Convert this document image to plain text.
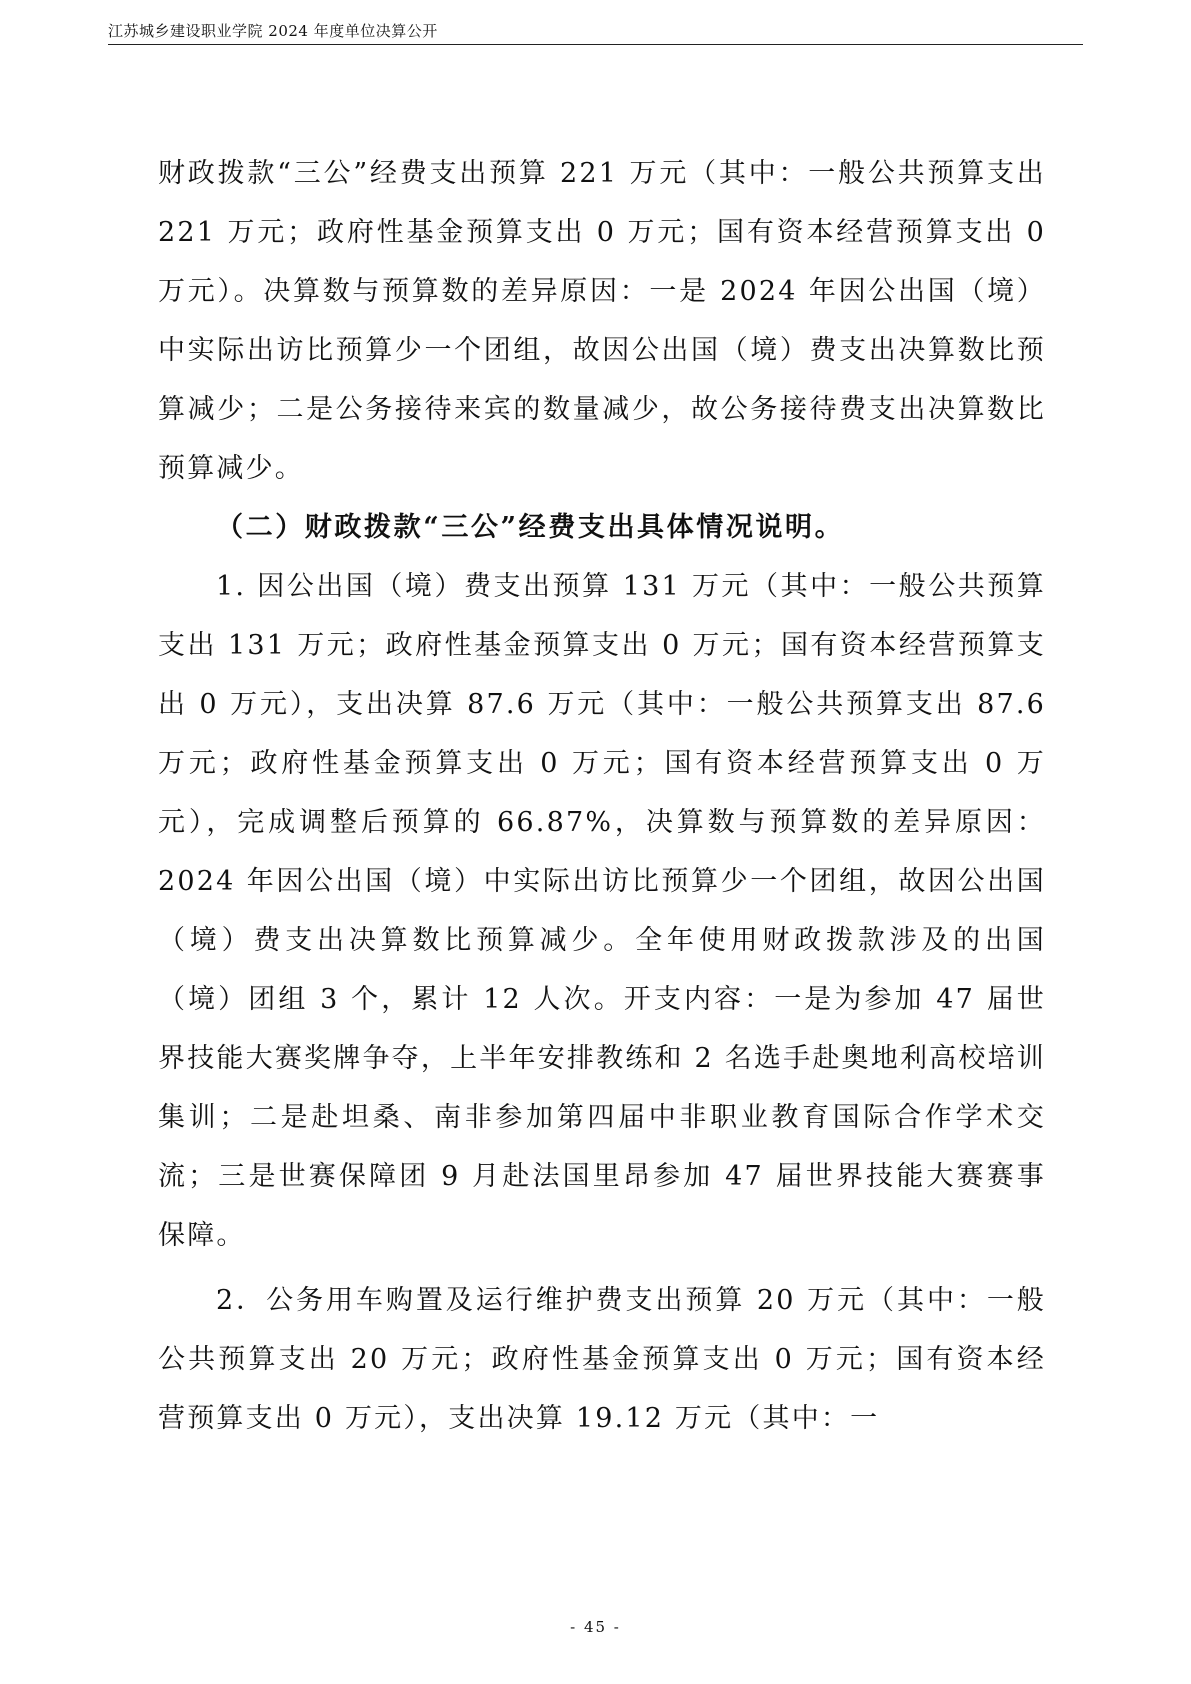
江苏城乡建设职业学院 2024 年度单位决算公开

财政拨款“三公”经费支出预算 221 万元（其中：一般公共预算支出 221 万元；政府性基金预算支出 0 万元；国有资本经营预算支出 0 万元）。决算数与预算数的差异原因：一是 2024 年因公出国（境）中实际出访比预算少一个团组，故因公出国（境）费支出决算数比预算减少；二是公务接待来宾的数量减少，故公务接待费支出决算数比预算减少。

（二）财政拨款“三公”经费支出具体情况说明。

1. 因公出国（境）费支出预算 131 万元（其中：一般公共预算支出 131 万元；政府性基金预算支出 0 万元；国有资本经营预算支出 0 万元），支出决算 87.6 万元（其中：一般公共预算支出 87.6 万元；政府性基金预算支出 0 万元；国有资本经营预算支出 0 万元），完成调整后预算的 66.87%，决算数与预算数的差异原因：2024 年因公出国（境）中实际出访比预算少一个团组，故因公出国（境）费支出决算数比预算减少。全年使用财政拨款涉及的出国（境）团组 3 个，累计 12 人次。开支内容：一是为参加 47 届世界技能大赛奖牌争夺，上半年安排教练和 2 名选手赴奥地利高校培训集训；二是赴坦桑、南非参加第四届中非职业教育国际合作学术交流；三是世赛保障团 9 月赴法国里昂参加 47 届世界技能大赛赛事保障。

2．公务用车购置及运行维护费支出预算 20 万元（其中：一般公共预算支出 20 万元；政府性基金预算支出 0 万元；国有资本经营预算支出 0 万元），支出决算 19.12 万元（其中：一

- 45 -
